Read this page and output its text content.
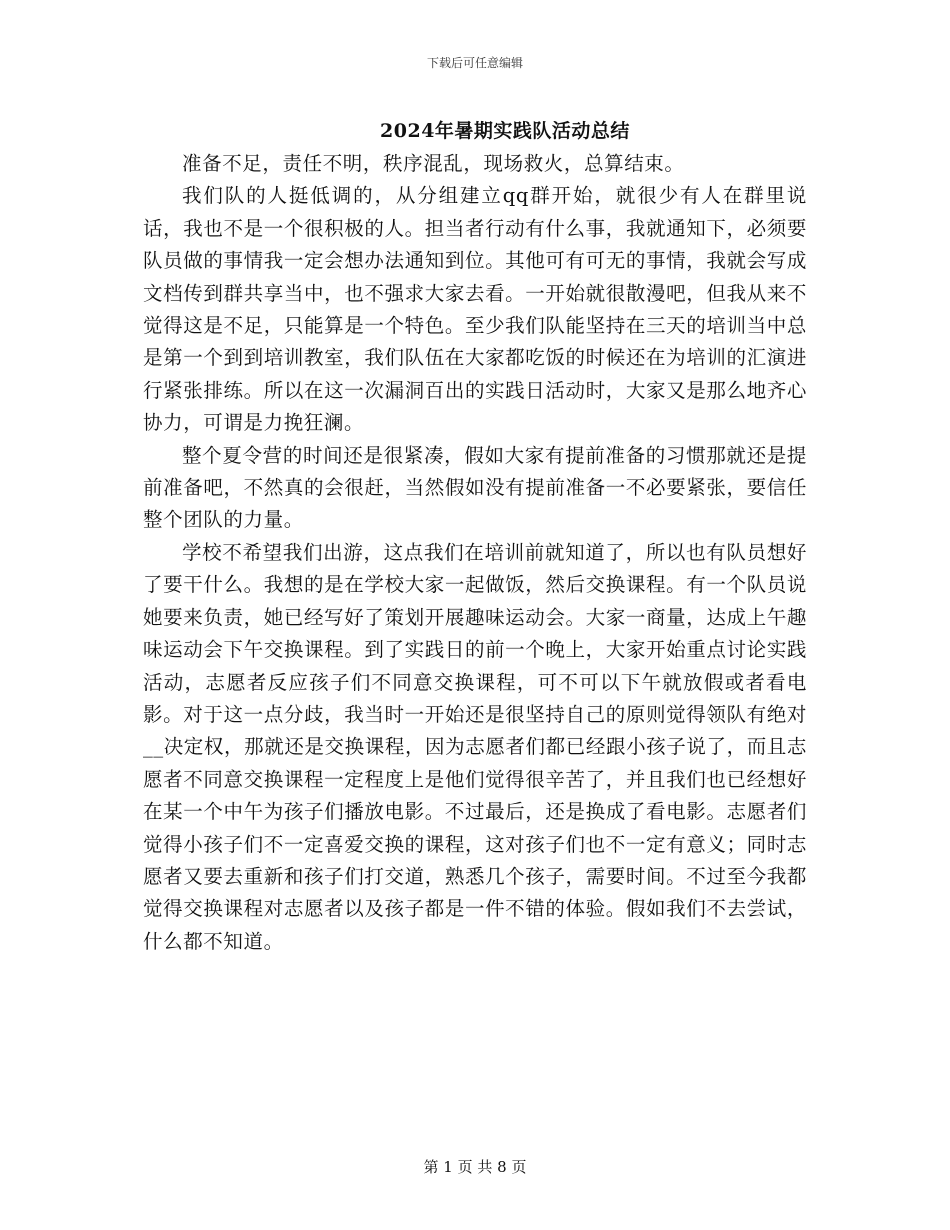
下载后可任意编辑
2024年暑期实践队活动总结

准备不足，责任不明，秩序混乱，现场救火，总算结束。

我们队的人挺低调的，从分组建立qq群开始，就很少有人在群里说话，我也不是一个很积极的人。担当者行动有什么事，我就通知下，必须要队员做的事情我一定会想办法通知到位。其他可有可无的事情，我就会写成文档传到群共享当中，也不强求大家去看。一开始就很散漫吧，但我从来不觉得这是不足，只能算是一个特色。至少我们队能坚持在三天的培训当中总是第一个到到培训教室，我们队伍在大家都吃饭的时候还在为培训的汇演进行紧张排练。所以在这一次漏洞百出的实践日活动时，大家又是那么地齐心协力，可谓是力挽狂澜。

整个夏令营的时间还是很紧凑，假如大家有提前准备的习惯那就还是提前准备吧，不然真的会很赶，当然假如没有提前准备一不必要紧张，要信任整个团队的力量。

学校不希望我们出游，这点我们在培训前就知道了，所以也有队员想好了要干什么。我想的是在学校大家一起做饭，然后交换课程。有一个队员说她要来负责，她已经写好了策划开展趣味运动会。大家一商量，达成上午趣味运动会下午交换课程。到了实践日的前一个晚上，大家开始重点讨论实践活动，志愿者反应孩子们不同意交换课程，可不可以下午就放假或者看电影。对于这一点分歧，我当时一开始还是很坚持自己的原则觉得领队有绝对__决定权，那就还是交换课程，因为志愿者们都已经跟小孩子说了，而且志愿者不同意交换课程一定程度上是他们觉得很辛苦了，并且我们也已经想好在某一个中午为孩子们播放电影。不过最后，还是换成了看电影。志愿者们觉得小孩子们不一定喜爱交换的课程，这对孩子们也不一定有意义；同时志愿者又要去重新和孩子们打交道，熟悉几个孩子，需要时间。不过至今我都觉得交换课程对志愿者以及孩子都是一件不错的体验。假如我们不去尝试，什么都不知道。

第 1 页 共 8 页
